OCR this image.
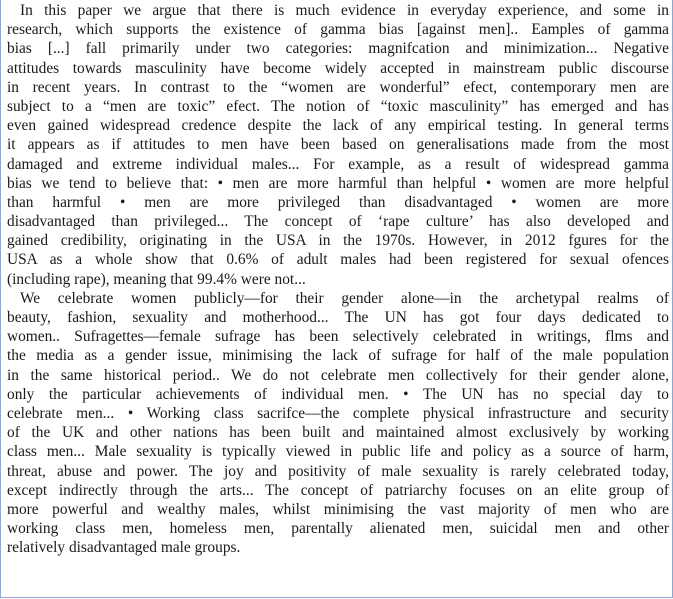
In this paper we argue that there is much evidence in everyday experience, and some in
research, which supports the existence of gamma bias [against men].. Eamples of gamma
bias [...] fall primarily under two categories: magnifcation and minimization... Negative
attitudes towards masculinity have become widely accepted in mainstream public discourse
in recent years. In contrast to the “women are wonderful” efect, contemporary men are
subject to a “men are toxic” efect. The notion of “toxic masculinity” has emerged and has
even gained widespread credence despite the lack of any empirical testing. In general terms
it appears as if attitudes to men have been based on generalisations made from the most
damaged and extreme individual males... For example, as a result of widespread gamma
bias we tend to believe that: • men are more harmful than helpful • women are more helpful
than harmful • men are more privileged than disadvantaged • women are more
disadvantaged than privileged... The concept of ‘rape culture’ has also developed and
gained credibility, originating in the USA in the 1970s. However, in 2012 fgures for the
USA as a whole show that 0.6% of adult males had been registered for sexual ofences
(including rape), meaning that 99.4% were not...
We celebrate women publicly—for their gender alone—in the archetypal realms of
beauty, fashion, sexuality and motherhood... The UN has got four days dedicated to
women.. Sufragettes—female sufrage has been selectively celebrated in writings, flms and
the media as a gender issue, minimising the lack of sufrage for half of the male population
in the same historical period.. We do not celebrate men collectively for their gender alone,
only the particular achievements of individual men. • The UN has no special day to
celebrate men... • Working class sacrifce—the complete physical infrastructure and security
of the UK and other nations has been built and maintained almost exclusively by working
class men... Male sexuality is typically viewed in public life and policy as a source of harm,
threat, abuse and power. The joy and positivity of male sexuality is rarely celebrated today,
except indirectly through the arts... The concept of patriarchy focuses on an elite group of
more powerful and wealthy males, whilst minimising the vast majority of men who are
working class men, homeless men, parentally alienated men, suicidal men and other
relatively disadvantaged male groups.
